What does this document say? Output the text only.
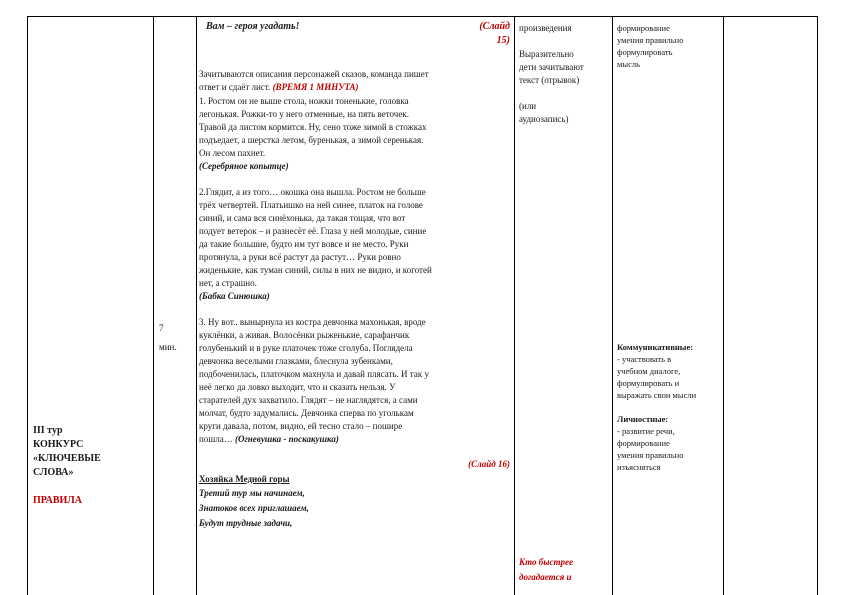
III тур
КОНКУРС
«КЛЮЧЕВЫЕ
СЛОВА»
ПРАВИЛА
7
мин.
Вам – героя угадать!	(Слайд
15)
Зачитываются описания персонажей сказов, команда пишет
ответ и сдаёт лист. (ВРЕМЯ 1 МИНУТА)
1. Ростом он не выше стола, ножки тоненькие, головка
легонькая. Рожки-то у него отменные, на пять веточек.
Травой да листом кормится. Ну, сено тоже зимой в стожках
подъедает, а шерстка летом, буренькая, а зимой серенькая.
Он лесом пахнет.
(Серебряное копытце)
2.Глядит, а из того… окошка она вышла. Ростом не больше
трёх четвертей. Платьишко на ней синее, платок на голове
синий, и сама вся синёхонька, да такая тощая, что вот
подует ветерок – и разнесёт её. Глаза у ней молодые, синие
да такие большие, будто им тут вовсе и не место. Руки
протянула, а руки всё растут да растут… Руки ровно
жиденькие, как туман синий, силы в них не видно, и коготей
нет, а страшно.
(Бабка Синюшка)
3. Ну вот.. вынырнула из костра девчонка махонькая, вроде
куклёнки, а живая. Волосёнки рыженькие, сарафанчик
голубенький и в руке платочек тоже сголуба. Поглядела
девчонка веселыми глазками, блеснула зубенками,
подбоченилась, платочком махнула и давай плясать. И так у
неё легко да ловко выходит, что и сказать нельзя. У
старателей дух захватило. Глядят – не наглядятся, а сами
молчат, будто задумались. Девчонка сперва по уголькам
круги давала, потом, видно, ей тесно стало – пошире
пошла… (Огневушка - поскакушка)
(Слайд 16)
Хозяйка Медной горы
Третий тур мы начинаем,
Знатоков всех приглашаем,
Будут трудные задачи,
произведения
Выразительно
дети зачитывают
текст (отрывок)
(или
аудиозапись)
Кто быстрее
догадается и
формирование
умения правильно
формулировать
мысль
Коммуникативные:
- участвовать в
учебном диалоге,
формулировать и
выражать свои мысли
Личностные:
- развитие речи,
формирование
умения правильно
изъясняться
